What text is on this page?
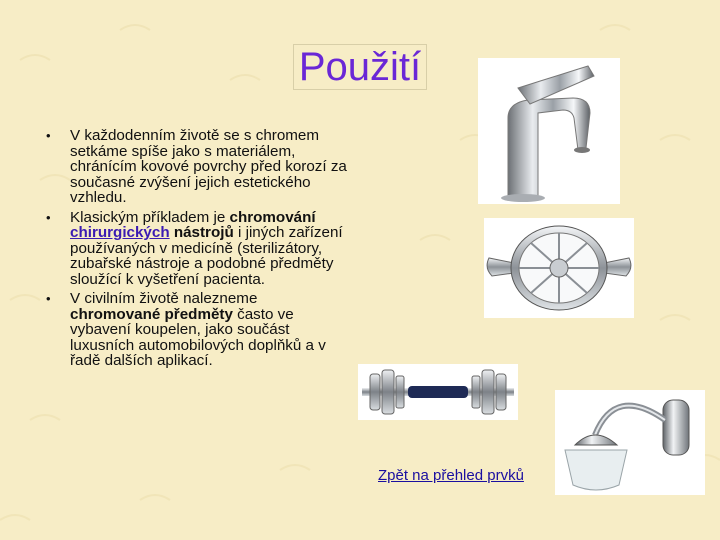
Použití
• V každodenním životě se s chromem setkáme spíše jako s materiálem, chránícím kovové povrchy před korozí za současné zvýšení jejich estetického vzhledu.
• Klasickým příkladem je chromování chirurgických nástrojů i jiných zařízení používaných v medicíně (sterilizátory, zubařské nástroje a podobné předměty sloužící k vyšetření pacienta.
• V civilním životě nalezneme chromované předměty často ve vybavení koupelen, jako součást luxusních automobilových doplňků a v řadě dalších aplikací.
Zpět na přehled prvků
